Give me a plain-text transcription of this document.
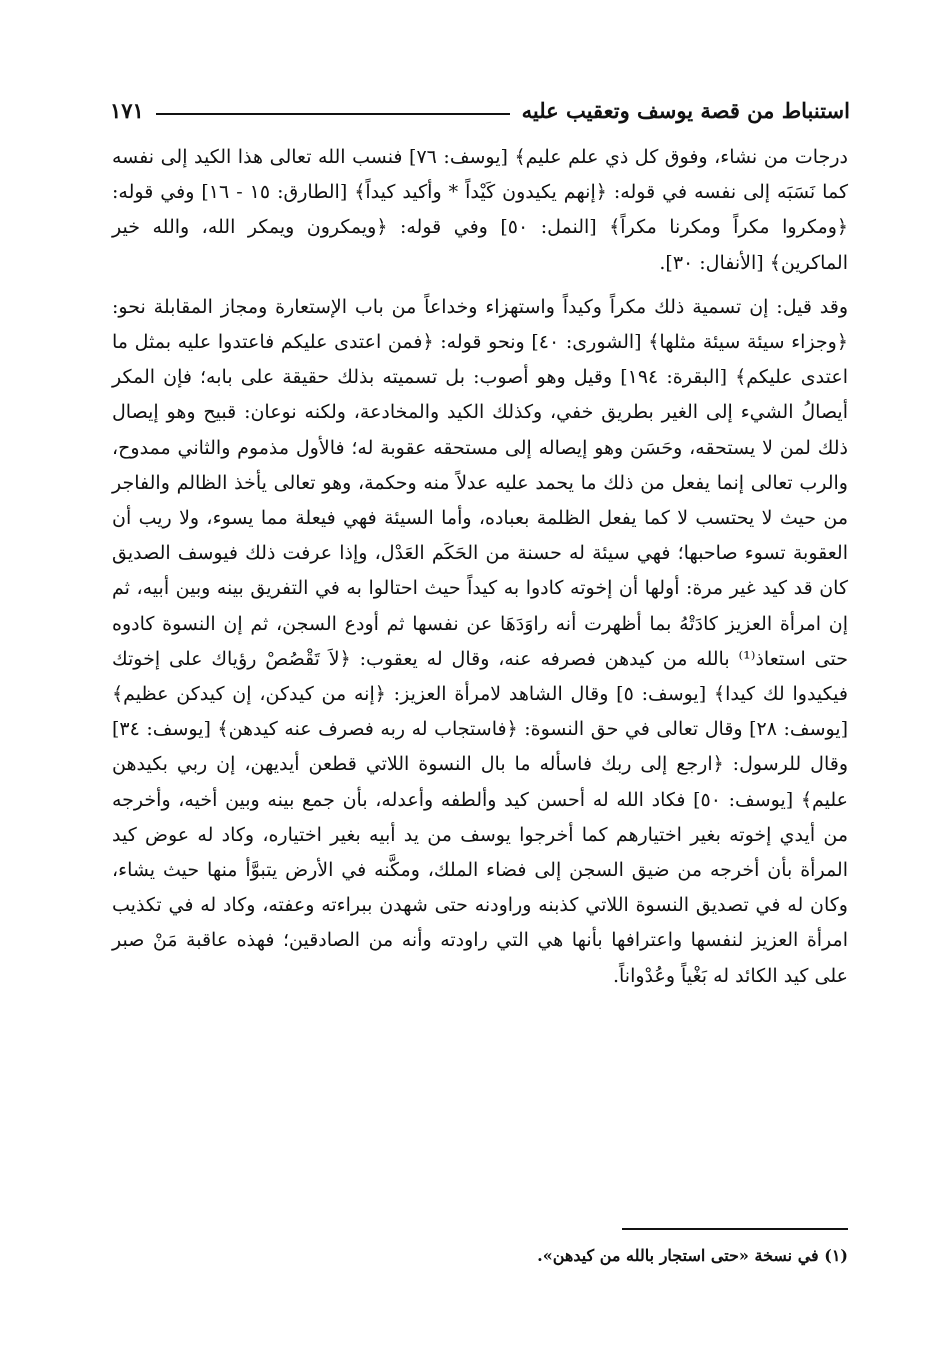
استنباط من قصة يوسف وتعقيب عليه
١٧١

درجات من نشاء، وفوق كل ذي علم عليم﴾ [يوسف: ٧٦] فنسب الله تعالى هذا الكيد إلى نفسه كما نَسَبَه إلى نفسه في قوله: ﴿إنهم يكيدون كَيْداً * وأكيد كيداً﴾ [الطارق: ١٥ - ١٦] وفي قوله: ﴿ومكروا مكراً ومكرنا مكراً﴾ [النمل: ٥٠] وفي قوله: ﴿ويمكرون ويمكر الله، والله خير الماكرين﴾ [الأنفال: ٣٠].

وقد قيل: إن تسمية ذلك مكراً وكيداً واستهزاء وخداعاً من باب الإستعارة ومجاز المقابلة نحو: ﴿وجزاء سيئة سيئة مثلها﴾ [الشورى: ٤٠] ونحو قوله: ﴿فمن اعتدى عليكم فاعتدوا عليه بمثل ما اعتدى عليكم﴾ [البقرة: ١٩٤] وقيل وهو أصوب: بل تسميته بذلك حقيقة على بابه؛ فإن المكر أيصالُ الشيء إلى الغير بطريق خفي، وكذلك الكيد والمخادعة، ولكنه نوعان: قبيح وهو إيصال ذلك لمن لا يستحقه، وحَسَن وهو إيصاله إلى مستحقه عقوبة له؛ فالأول مذموم والثاني ممدوح، والرب تعالى إنما يفعل من ذلك ما يحمد عليه عدلاً منه وحكمة، وهو تعالى يأخذ الظالم والفاجر من حيث لا يحتسب لا كما يفعل الظلمة بعباده، وأما السيئة فهي فيعلة مما يسوء، ولا ريب أن العقوبة تسوء صاحبها؛ فهي سيئة له حسنة من الحَكَم العَدْل، وإذا عرفت ذلك فيوسف الصديق كان قد كيد غير مرة: أولها أن إخوته كادوا به كيداً حيث احتالوا به في التفريق بينه وبين أبيه، ثم إن امرأة العزيز كادَتْهُ بما أظهرت أنه راوَدَهَا عن نفسها ثم أودع السجن، ثم إن النسوة كادوه حتى استعاذ⁽¹⁾ بالله من كيدهن فصرفه عنه، وقال له يعقوب: ﴿لاَ تَقْصُصْ رؤياك على إخوتك فيكيدوا لك كيدا﴾ [يوسف: ٥] وقال الشاهد لامرأة العزيز: ﴿إنه من كيدكن، إن كيدكن عظيم﴾ [يوسف: ٢٨] وقال تعالى في حق النسوة: ﴿فاستجاب له ربه فصرف عنه كيدهن﴾ [يوسف: ٣٤] وقال للرسول: ﴿ارجع إلى ربك فاسأله ما بال النسوة اللاتي قطعن أيديهن، إن ربي بكيدهن عليم﴾ [يوسف: ٥٠] فكاد الله له أحسن كيد وألطفه وأعدله، بأن جمع بينه وبين أخيه، وأخرجه من أيدي إخوته بغير اختيارهم كما أخرجوا يوسف من يد أبيه بغير اختياره، وكاد له عوض كيد المرأة بأن أخرجه من ضيق السجن إلى فضاء الملك، ومكَّنه في الأرض يتبوَّأ منها حيث يشاء، وكان له في تصديق النسوة اللاتي كذبنه وراودنه حتى شهدن ببراءته وعفته، وكاد له في تكذيب امرأة العزيز لنفسها واعترافها بأنها هي التي راودته وأنه من الصادقين؛ فهذه عاقبة مَنْ صبر على كيد الكائد له بَغْياً وعُدْواناً.

(١) في نسخة «حتى استجار بالله من كيدهن».
